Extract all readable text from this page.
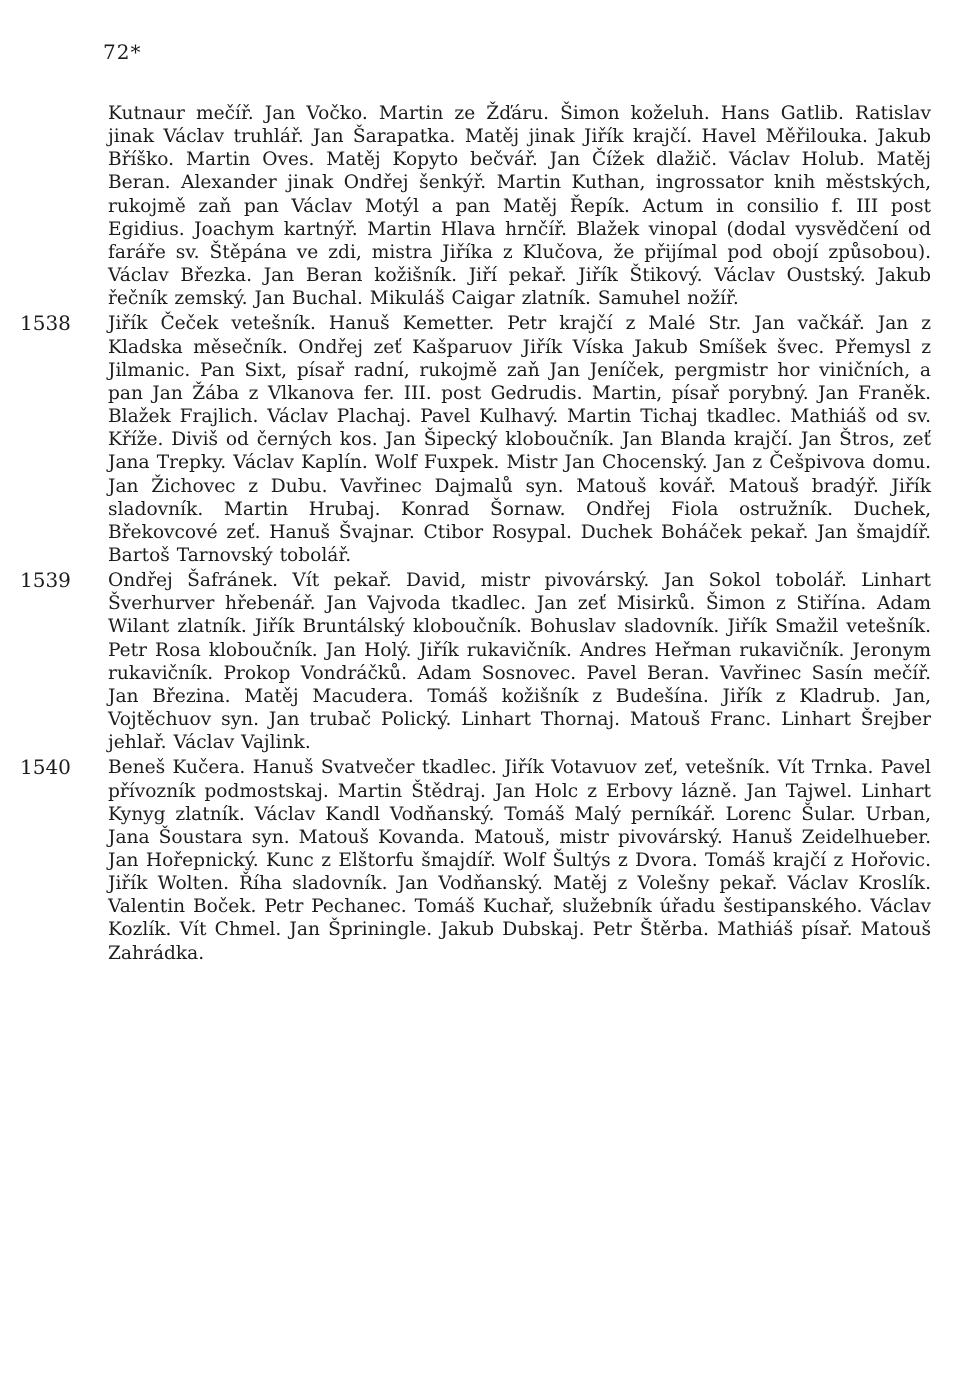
72*
Kutnaur mečíř. Jan Vočko. Martin ze Žďáru. Šimon koželuh. Hans Gatlib. Ratislav jinak Václav truhlář. Jan Šarapatka. Matěj jinak Jiřík krajčí. Havel Měřilouka. Jakub Bříško. Martin Oves. Matěj Kopyto bečvář. Jan Čížek dlažič. Václav Holub. Matěj Beran. Alexander jinak Ondřej šenkýř. Martin Kuthan, ingrossator knih městských, rukojmě zaň pan Václav Motýl a pan Matěj Řepík. Actum in consilio f. III post Egidius. Joachym kartnýř. Martin Hlava hrnčíř. Blažek vinopal (dodal vysvědčení od faráře sv. Štěpána ve zdi, mistra Jiříka z Klučova, že přijímal pod obojí způsobou). Václav Březka. Jan Beran kožišník. Jiří pekař. Jiřík Štikový. Václav Oustský. Jakub řečník zemský. Jan Buchal. Mikuláš Caigar zlatník. Samuhel nožíř.
1538	Jiřík Čeček vetešník. Hanuš Kemetter. Petr krajčí z Malé Str. Jan vačkář. Jan z Kladska měsečník. Ondřej zeť Kašparuov Jiřík Víska Jakub Smíšek švec. Přemysl z Jilmanic. Pan Sixt, písař radní, rukojmě zaň Jan Jeníček, pergmistr hor viničních, a pan Jan Žába z Vlkanova fer. III. post Gedrudis. Martin, písař porybný. Jan Franěk. Blažek Frajlich. Václav Plachaj. Pavel Kulhavý. Martin Tichaj tkadlec. Mathiáš od sv. Kříže. Diviš od černých kos. Jan Šipecký kloboučník. Jan Blanda krajčí. Jan Štros, zeť Jana Trepky. Václav Kaplín. Wolf Fuxpek. Mistr Jan Chocenský. Jan z Češpivova domu. Jan Žichovec z Dubu. Vavřinec Dajmalů syn. Matouš kovář. Matouš bradýř. Jiřík sladovník. Martin Hrubaj. Konrad Šornaw. Ondřej Fiola ostružník. Duchek, Břekovcové zeť. Hanuš Švajnar. Ctibor Rosypal. Duchek Boháček pekař. Jan šmajdíř. Bartoš Tarnovský tobolář.
1539	Ondřej Šafránek. Vít pekař. David, mistr pivovárský. Jan Sokol tobolář. Linhart Šverhurver hřebenář. Jan Vajvoda tkadlec. Jan zeť Misirků. Šimon z Stiřína. Adam Wilant zlatník. Jiřík Bruntálský kloboučník. Bohuslav sladovník. Jiřík Smažil vetešník. Petr Rosa kloboučník. Jan Holý. Jiřík rukavičník. Andres Heřman rukavičník. Jeronym rukavičník. Prokop Vondráčků. Adam Sosnovec. Pavel Beran. Vavřinec Sasín mečíř. Jan Březina. Matěj Macudera. Tomáš kožišník z Budešína. Jiřík z Kladrub. Jan, Vojtěchuov syn. Jan trubač Polický. Linhart Thornaj. Matouš Franc. Linhart Šrejber jehlař. Václav Vajlink.
1540	Beneš Kučera. Hanuš Svatvečer tkadlec. Jiřík Votavuov zeť, vetešník. Vít Trnka. Pavel přívozník podmostskaj. Martin Štědraj. Jan Holc z Erbovy lázně. Jan Tajwel. Linhart Kynyg zlatník. Václav Kandl Vodňanský. Tomáš Malý perníkář. Lorenc Šular. Urban, Jana Šoustara syn. Matouš Kovanda. Matouš, mistr pivovárský. Hanuš Zeidelhueber. Jan Hořepnický. Kunc z Elštorfu šmajdíř. Wolf Šultýs z Dvora. Tomáš krajčí z Hořovic. Jiřík Wolten. Říha sladovník. Jan Vodňanský. Matěj z Volešny pekař. Václav Kroslík. Valentin Boček. Petr Pechanec. Tomáš Kuchař, služebník úřadu šestipanského. Václav Kozlík. Vít Chmel. Jan Špriningle. Jakub Dubskaj. Petr Štěrba. Mathiáš písař. Matouš Zahrádka.
